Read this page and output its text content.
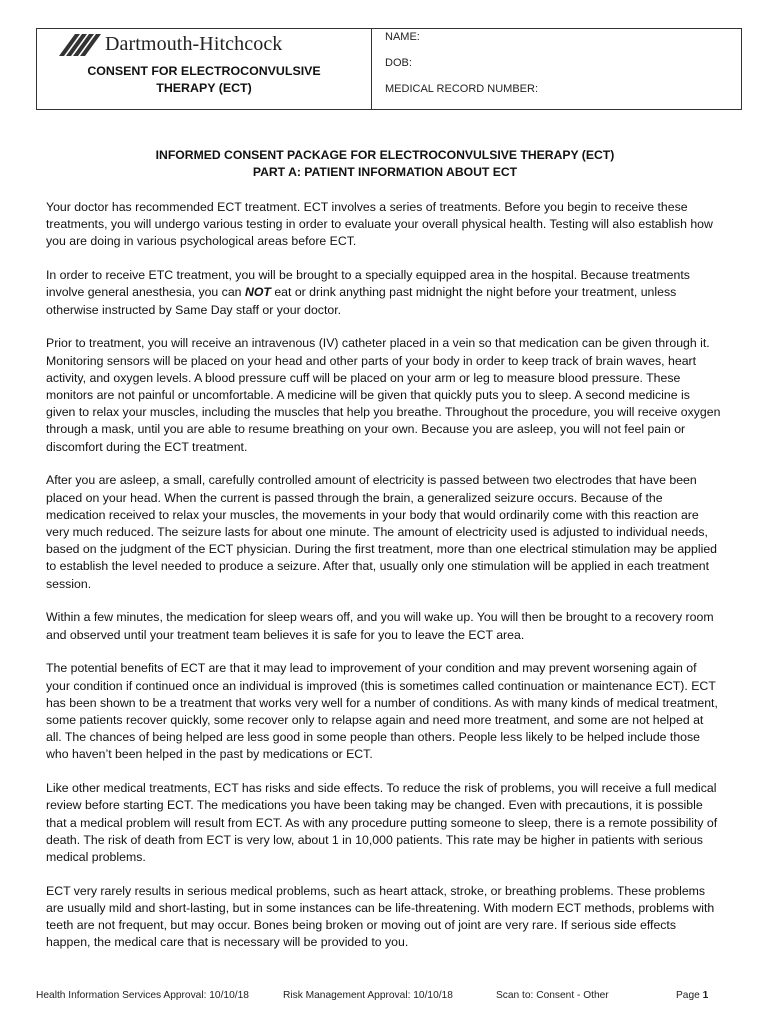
Dartmouth-Hitchcock
CONSENT FOR ELECTROCONVULSIVE
THERAPY (ECT)
NAME:
DOB:
MEDICAL RECORD NUMBER:
INFORMED CONSENT PACKAGE FOR ELECTROCONVULSIVE THERAPY (ECT)
PART A: PATIENT INFORMATION ABOUT ECT

Your doctor has recommended ECT treatment. ECT involves a series of treatments. Before you begin to receive these treatments, you will undergo various testing in order to evaluate your overall physical health. Testing will also establish how you are doing in various psychological areas before ECT.

In order to receive ETC treatment, you will be brought to a specially equipped area in the hospital. Because treatments involve general anesthesia, you can NOT eat or drink anything past midnight the night before your treatment, unless otherwise instructed by Same Day staff or your doctor.

Prior to treatment, you will receive an intravenous (IV) catheter placed in a vein so that medication can be given through it. Monitoring sensors will be placed on your head and other parts of your body in order to keep track of brain waves, heart activity, and oxygen levels. A blood pressure cuff will be placed on your arm or leg to measure blood pressure. These monitors are not painful or uncomfortable. A medicine will be given that quickly puts you to sleep. A second medicine is given to relax your muscles, including the muscles that help you breathe. Throughout the procedure, you will receive oxygen through a mask, until you are able to resume breathing on your own. Because you are asleep, you will not feel pain or discomfort during the ECT treatment.

After you are asleep, a small, carefully controlled amount of electricity is passed between two electrodes that have been placed on your head. When the current is passed through the brain, a generalized seizure occurs. Because of the medication received to relax your muscles, the movements in your body that would ordinarily come with this reaction are very much reduced. The seizure lasts for about one minute. The amount of electricity used is adjusted to individual needs, based on the judgment of the ECT physician. During the first treatment, more than one electrical stimulation may be applied to establish the level needed to produce a seizure. After that, usually only one stimulation will be applied in each treatment session.

Within a few minutes, the medication for sleep wears off, and you will wake up. You will then be brought to a recovery room and observed until your treatment team believes it is safe for you to leave the ECT area.

The potential benefits of ECT are that it may lead to improvement of your condition and may prevent worsening again of your condition if continued once an individual is improved (this is sometimes called continuation or maintenance ECT). ECT has been shown to be a treatment that works very well for a number of conditions. As with many kinds of medical treatment, some patients recover quickly, some recover only to relapse again and need more treatment, and some are not helped at all. The chances of being helped are less good in some people than others. People less likely to be helped include those who haven’t been helped in the past by medications or ECT.

Like other medical treatments, ECT has risks and side effects. To reduce the risk of problems, you will receive a full medical review before starting ECT. The medications you have been taking may be changed. Even with precautions, it is possible that a medical problem will result from ECT. As with any procedure putting someone to sleep, there is a remote possibility of death. The risk of death from ECT is very low, about 1 in 10,000 patients. This rate may be higher in patients with serious medical problems.

ECT very rarely results in serious medical problems, such as heart attack, stroke, or breathing problems. These problems are usually mild and short-lasting, but in some instances can be life-threatening. With modern ECT methods, problems with teeth are not frequent, but may occur. Bones being broken or moving out of joint are very rare. If serious side effects happen, the medical care that is necessary will be provided to you.

Health Information Services Approval: 10/10/18	Risk Management Approval: 10/10/18	Scan to: Consent - Other	Page 1
